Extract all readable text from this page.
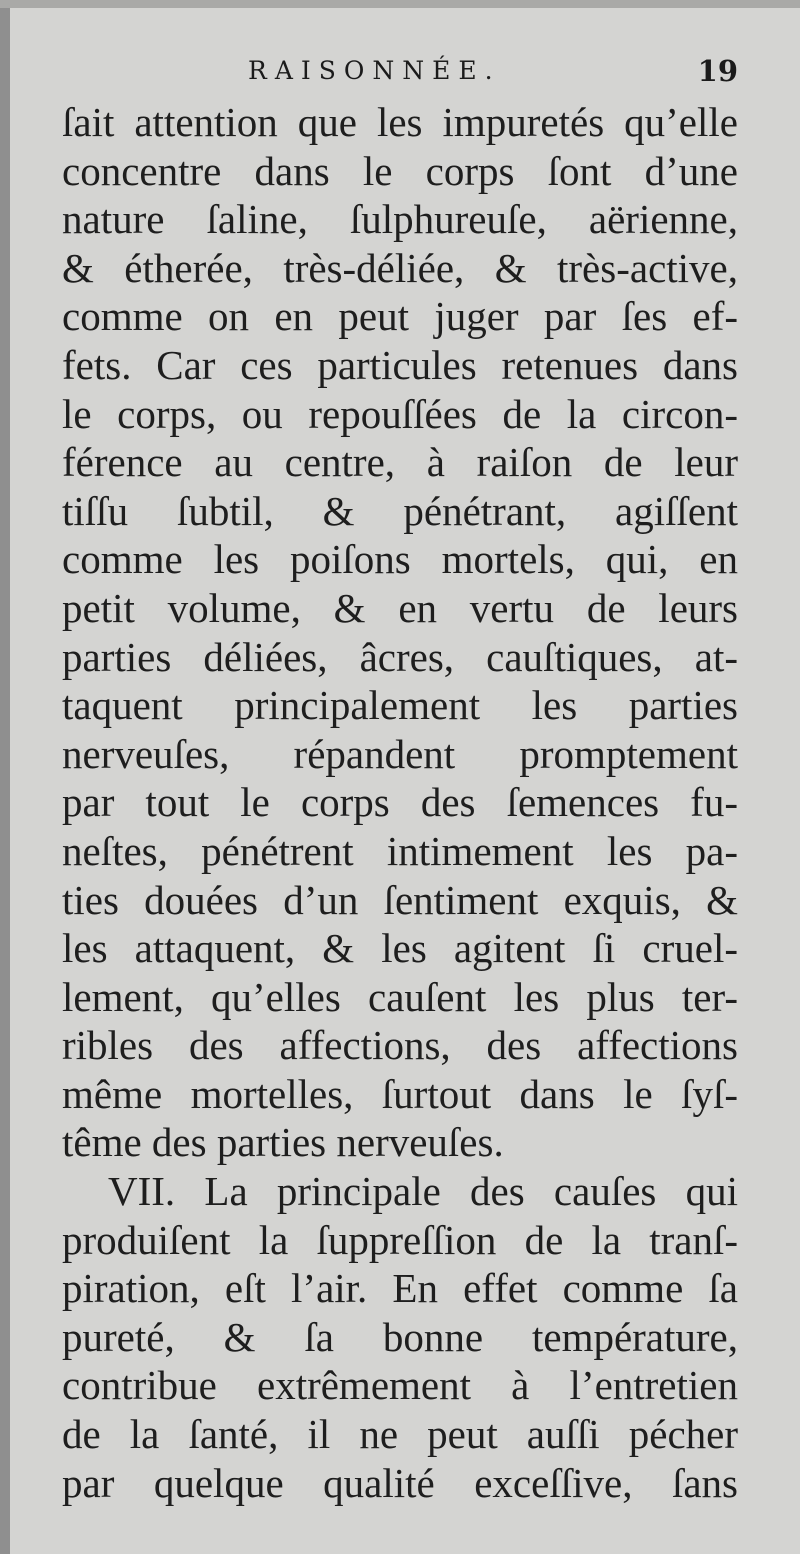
RAISONNÉE.	19
ſait attention que les impuretés qu’elle
concentre dans le corps ſont d’une
nature ſaline, ſulphureuſe, aërienne,
& étherée, très-déliée, & très-active,
comme on en peut juger par ſes ef-
fets. Car ces particules retenues dans
le corps, ou repouſſées de la circon-
férence au centre, à raiſon de leur
tiſſu ſubtil, & pénétrant, agiſſent
comme les poiſons mortels, qui, en
petit volume, & en vertu de leurs
parties déliées, âcres, cauſtiques, at-
taquent principalement les parties
nerveuſes, répandent promptement
par tout le corps des ſemences fu-
neſtes, pénétrent intimement les pa-
ties douées d’un ſentiment exquis, &
les attaquent, & les agitent ſi cruel-
lement, qu’elles cauſent les plus ter-
ribles des affections, des affections
même mortelles, ſurtout dans le ſyſ-
tême des parties nerveuſes.
VII. La principale des cauſes qui
produiſent la ſuppreſſion de la tranſ-
piration, eſt l’air. En effet comme ſa
pureté, & ſa bonne température,
contribue extrêmement à l’entretien
de la ſanté, il ne peut auſſi pécher
par quelque qualité exceſſive, ſans
